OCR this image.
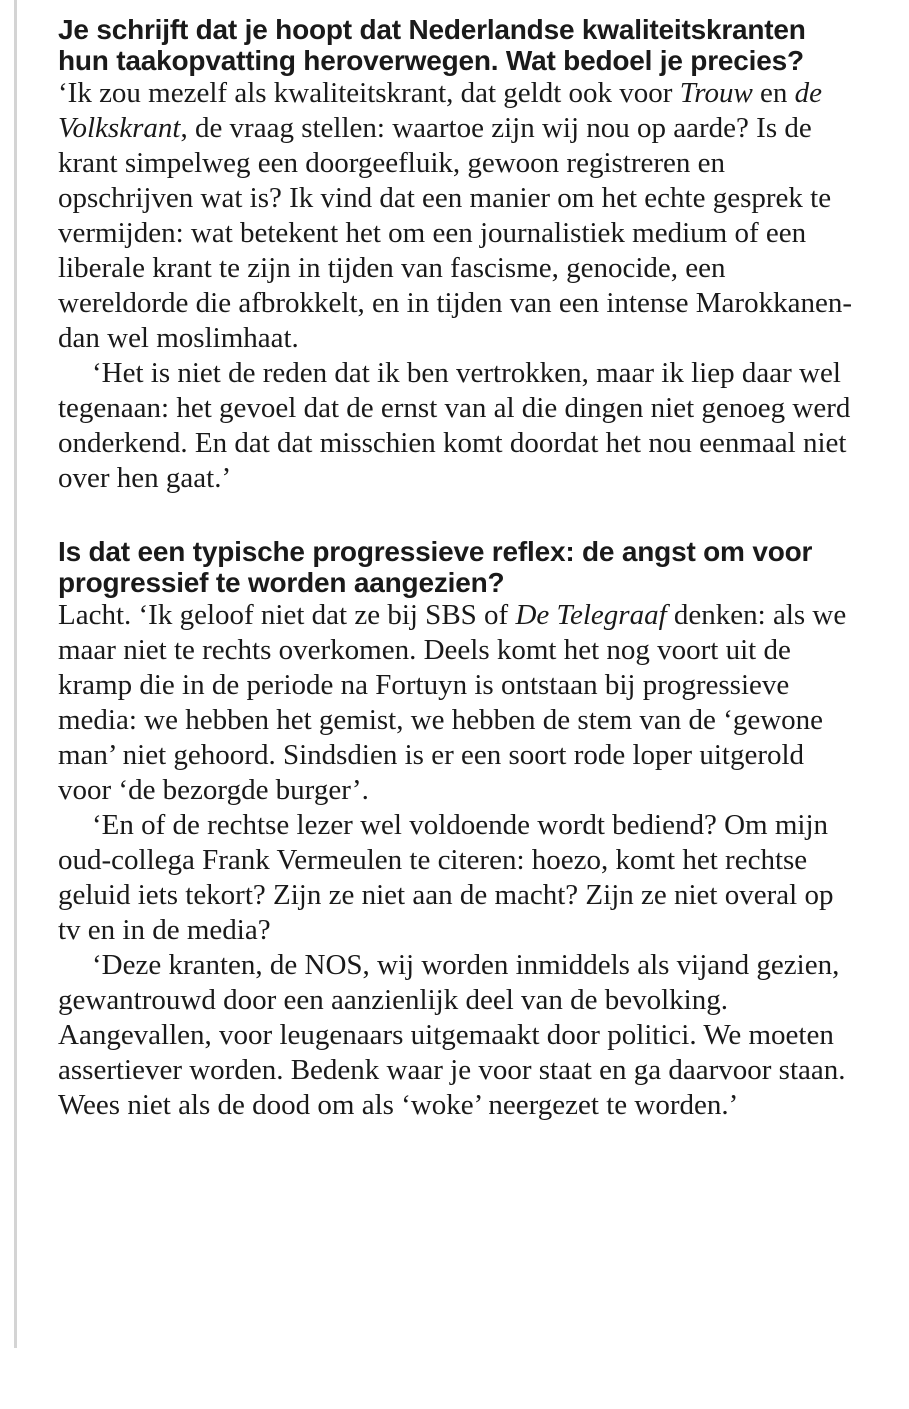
Je schrijft dat je hoopt dat Nederlandse kwaliteitskranten hun taakopvatting heroverwegen. Wat bedoel je precies?

‘Ik zou mezelf als kwaliteitskrant, dat geldt ook voor Trouw en de Volkskrant, de vraag stellen: waartoe zijn wij nou op aarde? Is de krant simpelweg een doorgeefluik, gewoon registreren en opschrijven wat is? Ik vind dat een manier om het echte gesprek te vermijden: wat betekent het om een journalistiek medium of een liberale krant te zijn in tijden van fascisme, genocide, een wereldorde die afbrokkelt, en in tijden van een intense Marokkanen- dan wel moslimhaat.

‘Het is niet de reden dat ik ben vertrokken, maar ik liep daar wel tegenaan: het gevoel dat de ernst van al die dingen niet genoeg werd onderkend. En dat dat misschien komt doordat het nou eenmaal niet over hen gaat.’

Is dat een typische progressieve reflex: de angst om voor progressief te worden aangezien?

Lacht. ‘Ik geloof niet dat ze bij SBS of De Telegraaf denken: als we maar niet te rechts overkomen. Deels komt het nog voort uit de kramp die in de periode na Fortuyn is ontstaan bij progressieve media: we hebben het gemist, we hebben de stem van de ‘gewone man’ niet gehoord. Sindsdien is er een soort rode loper uitgerold voor ‘de bezorgde burger’.

‘En of de rechtse lezer wel voldoende wordt bediend? Om mijn oud-collega Frank Vermeulen te citeren: hoezo, komt het rechtse geluid iets tekort? Zijn ze niet aan de macht? Zijn ze niet overal op tv en in de media?

‘Deze kranten, de NOS, wij worden inmiddels als vijand gezien, gewantrouwd door een aanzienlijk deel van de bevolking. Aangevallen, voor leugenaars uitgemaakt door politici. We moeten assertiever worden. Bedenk waar je voor staat en ga daarvoor staan. Wees niet als de dood om als ‘woke’ neergezet te worden.’
